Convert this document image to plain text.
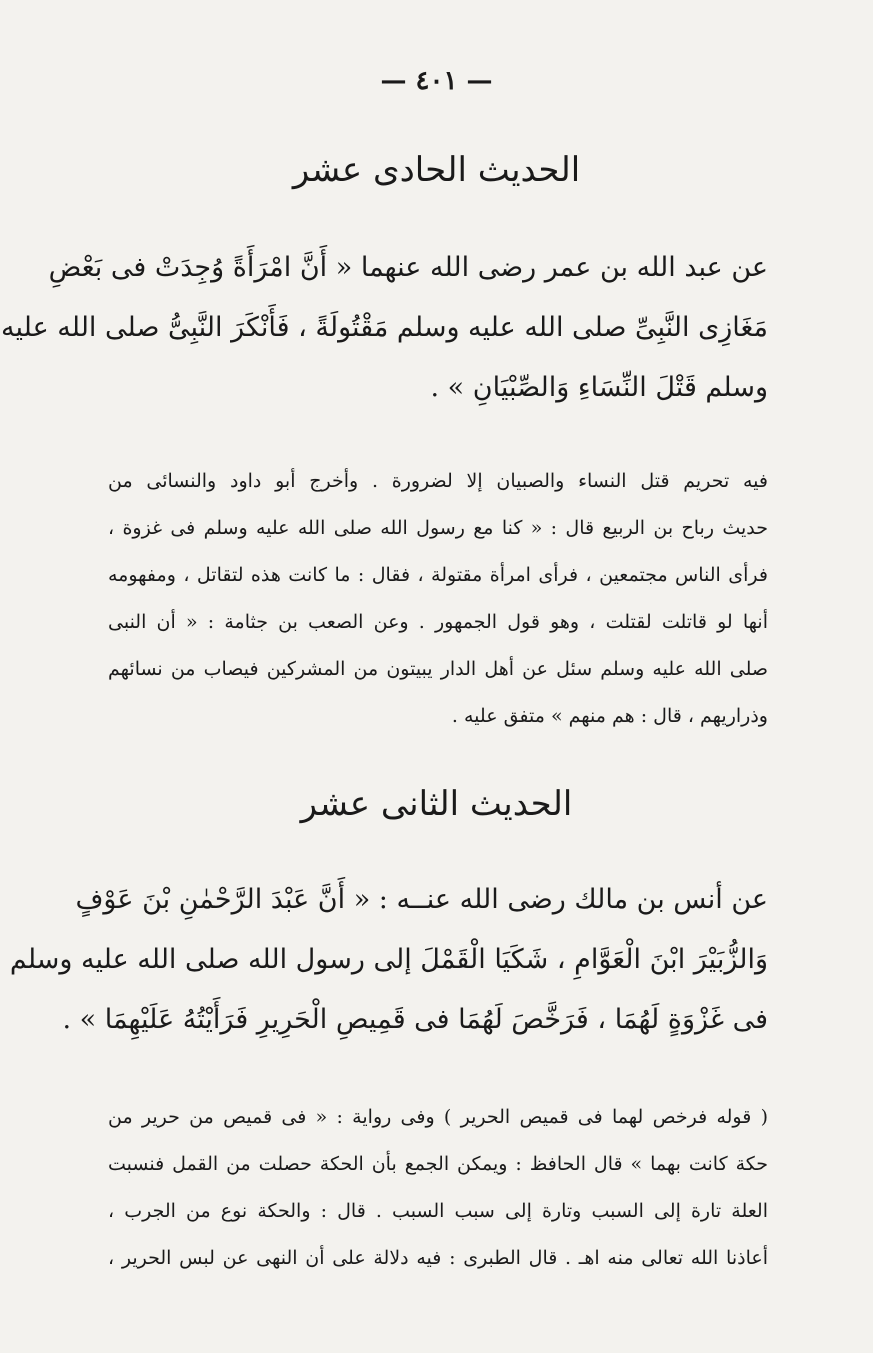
— ٤٠١ —
الحديث الحادى عشر
عن عبد الله بن عمر رضى الله عنهما « أَنَّ امْرَأَةً وُجِدَتْ فى بَعْضِ
مَغَازِى النَّبِىِّ صلى الله عليه وسلم مَقْتُولَةً ، فَأَنْكَرَ النَّبِىُّ صلى الله عليه
وسلم قَتْلَ النِّسَاءِ وَالصِّبْيَانِ » .
فيه تحريم قتل النساء والصبيان إلا لضرورة . وأخرج أبو داود والنسائى من
حديث رباح بن الربيع قال : « كنا مع رسول الله صلى الله عليه وسلم فى غزوة ،
فرأى الناس مجتمعين ، فرأى امرأة مقتولة ، فقال : ما كانت هذه لتقاتل ، ومفهومه
أنها لو قاتلت لقتلت ، وهو قول الجمهور . وعن الصعب بن جثامة : « أن النبى
صلى الله عليه وسلم سئل عن أهل الدار يبيتون من المشركين فيصاب من نسائهم
وذراريهم ، قال : هم منهم » متفق عليه .
الحديث الثانى عشر
عن أنس بن مالك رضى الله عنــه : « أَنَّ عَبْدَ الرَّحْمٰنِ بْنَ عَوْفٍ
وَالزُّبَيْرَ ابْنَ الْعَوَّامِ ، شَكَيَا الْقَمْلَ إلى رسول الله صلى الله عليه وسلم
فى غَزْوَةٍ لَهُمَا ، فَرَخَّصَ لَهُمَا فى قَمِيصِ الْحَرِيرِ فَرَأَيْتُهُ عَلَيْهِمَا » .
( قوله فرخص لهما فى قميص الحرير ) وفى رواية : « فى قميص من حرير من
حكة كانت بهما » قال الحافظ : ويمكن الجمع بأن الحكة حصلت من القمل فنسبت
العلة تارة إلى السبب وتارة إلى سبب السبب . قال : والحكة نوع من الجرب ،
أعاذنا الله تعالى منه اهـ . قال الطبرى : فيه دلالة على أن النهى عن لبس الحرير ،
